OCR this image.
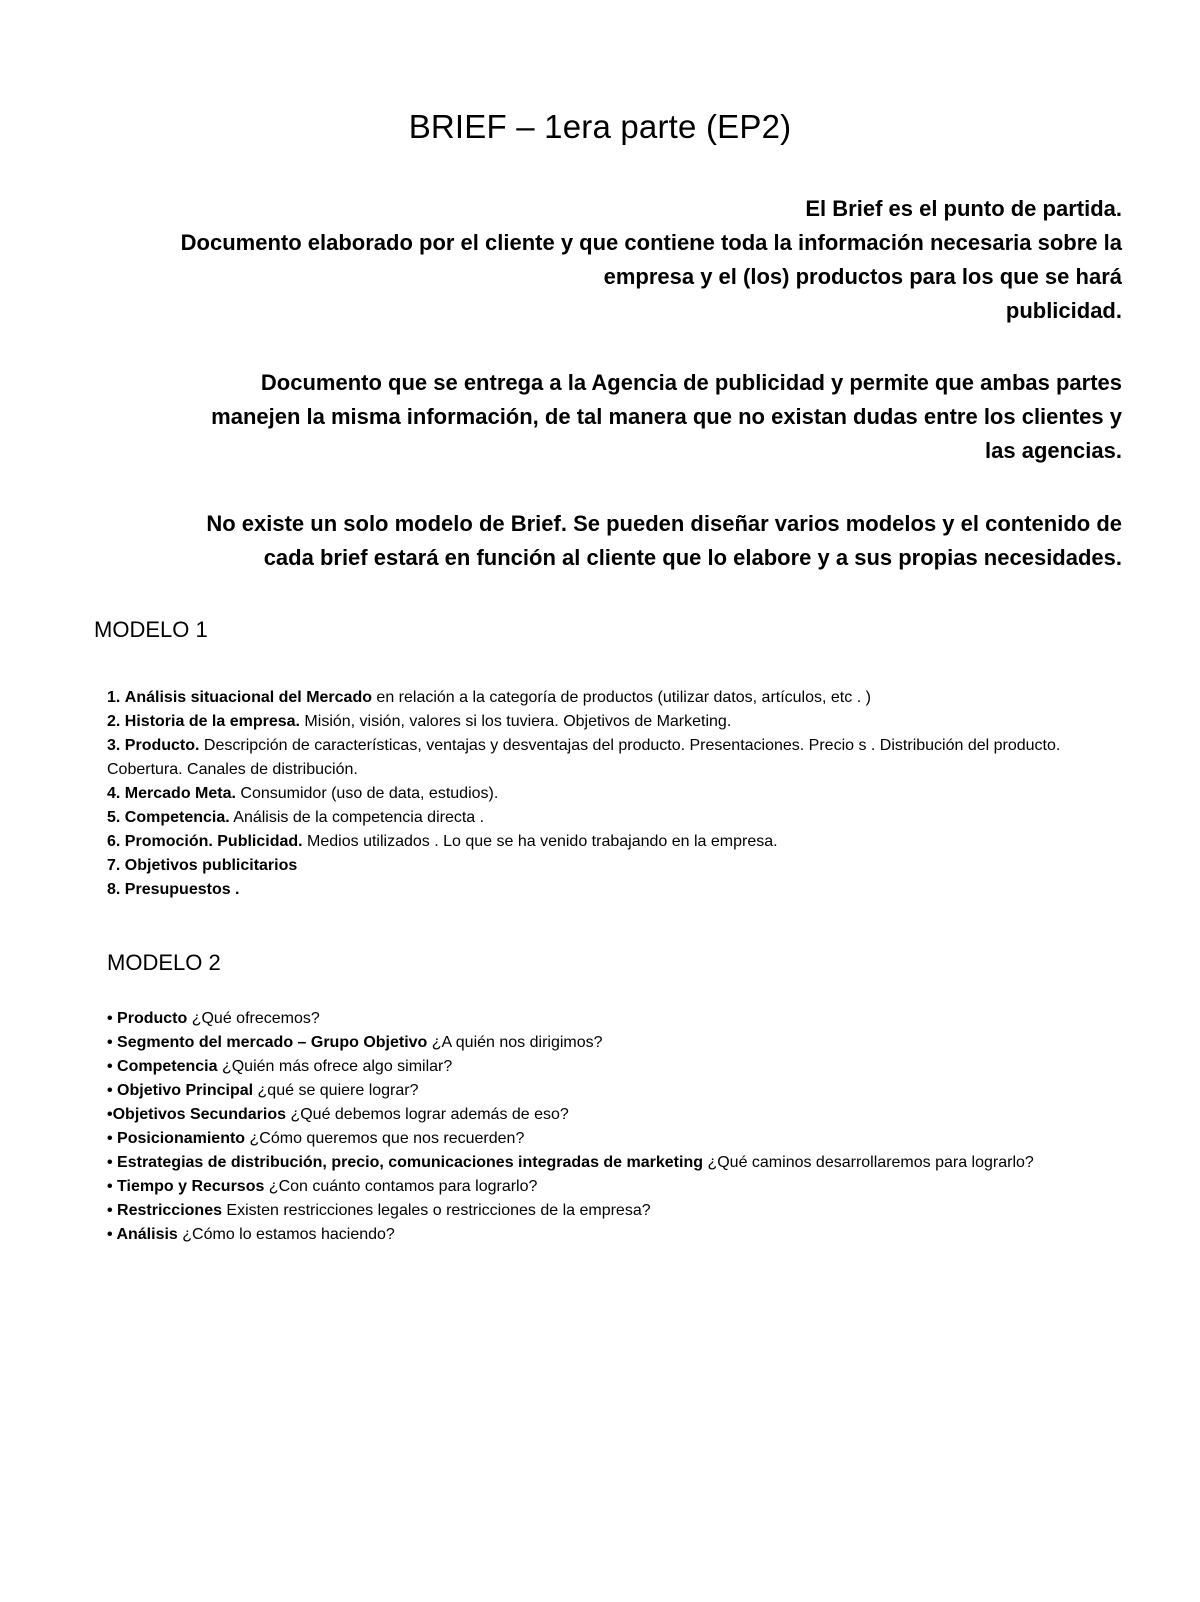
BRIEF – 1era parte (EP2)

El Brief es el punto de partida.
Documento elaborado por el cliente y que contiene toda la información necesaria sobre la
empresa y el (los) productos para los que se hará
publicidad.

Documento que se entrega a la Agencia de publicidad y permite que ambas partes
manejen la misma información, de tal manera que no existan dudas entre los clientes y
las agencias.

No existe un solo modelo de Brief. Se pueden diseñar varios modelos y el contenido de
cada brief estará en función al cliente que lo elabore y a sus propias necesidades.

MODELO 1
1. Análisis situacional del Mercado en relación a la categoría de productos (utilizar datos, artículos, etc . )
2. Historia de la empresa. Misión, visión, valores si los tuviera. Objetivos de Marketing.
3. Producto. Descripción de características, ventajas y desventajas del producto. Presentaciones. Precio s . Distribución del producto. Cobertura. Canales de distribución.
4. Mercado Meta. Consumidor (uso de data, estudios).
5. Competencia. Análisis de la competencia directa .
6. Promoción. Publicidad. Medios utilizados . Lo que se ha venido trabajando en la empresa.
7. Objetivos publicitarios
8. Presupuestos .
MODELO 2
• Producto ¿Qué ofrecemos?
• Segmento del mercado – Grupo Objetivo ¿A quién nos dirigimos?
• Competencia ¿Quién más ofrece algo similar?
• Objetivo Principal ¿qué se quiere lograr?
•Objetivos Secundarios ¿Qué debemos lograr además de eso?
• Posicionamiento ¿Cómo queremos que nos recuerden?
• Estrategias de distribución, precio, comunicaciones integradas de marketing ¿Qué caminos desarrollaremos para lograrlo?
• Tiempo y Recursos ¿Con cuánto contamos para lograrlo?
• Restricciones Existen restricciones legales o restricciones de la empresa?
• Análisis ¿Cómo lo estamos haciendo?
